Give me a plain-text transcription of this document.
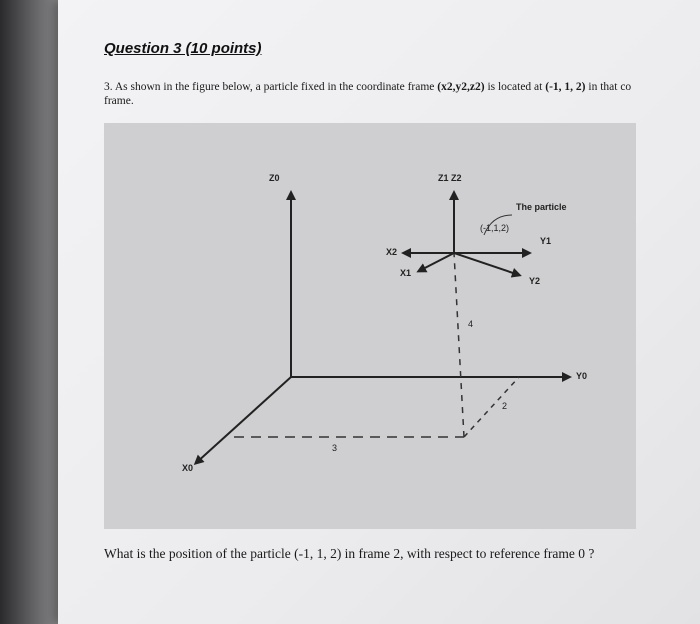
Question 3 (10 points)
3. As shown in the figure below, a particle fixed in the coordinate frame (x2,y2,z2) is located at (-1, 1, 2) in that co
frame.
Z0	Z1 Z2
The particle
(-1,1,2)
Y1
Y2
X2
X1
Y0
X0
4
2
3
What is the position of the particle (-1, 1, 2) in frame 2, with respect to reference frame 0 ?
